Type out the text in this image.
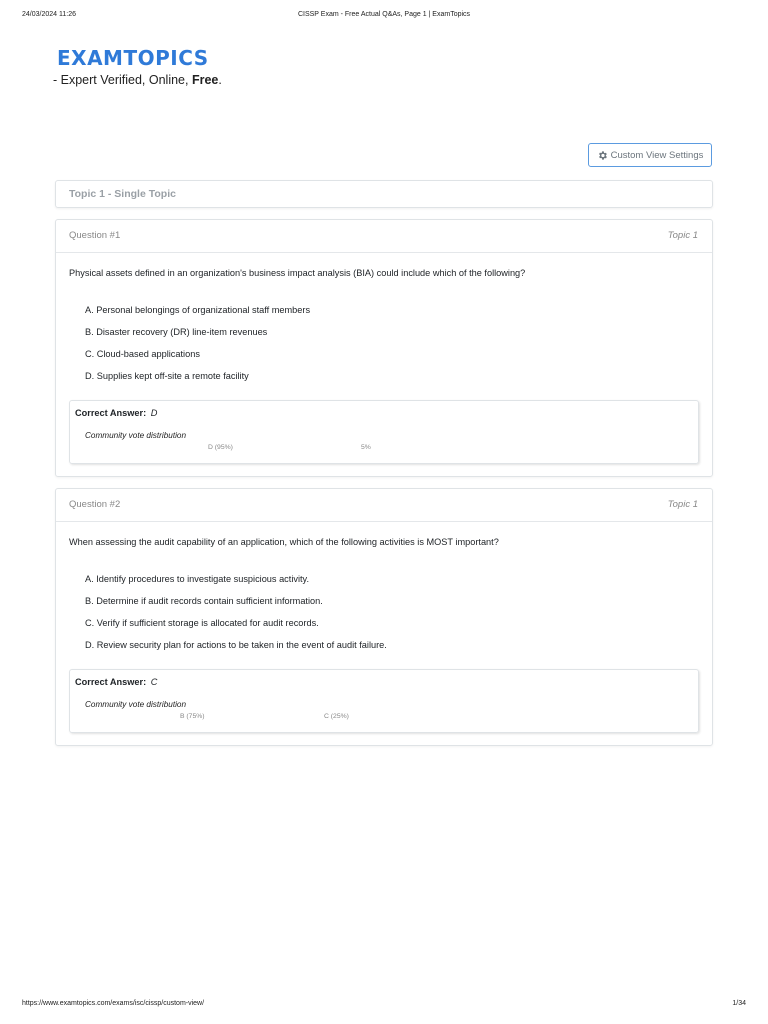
24/03/2024 11:26	CISSP Exam - Free Actual Q&As, Page 1 | ExamTopics
EXAMTOPICS
- Expert Verified, Online, Free.
Custom View Settings
Topic 1 - Single Topic
Question #1	Topic 1
Physical assets defined in an organization's business impact analysis (BIA) could include which of the following?
A. Personal belongings of organizational staff members
B. Disaster recovery (DR) line-item revenues
C. Cloud-based applications
D. Supplies kept off-site a remote facility
Correct Answer: D
Community vote distribution
D (95%)	5%
Question #2	Topic 1
When assessing the audit capability of an application, which of the following activities is MOST important?
A. Identify procedures to investigate suspicious activity.
B. Determine if audit records contain sufficient information.
C. Verify if sufficient storage is allocated for audit records.
D. Review security plan for actions to be taken in the event of audit failure.
Correct Answer: C
Community vote distribution
B (75%)	C (25%)
https://www.examtopics.com/exams/isc/cissp/custom-view/	1/34
